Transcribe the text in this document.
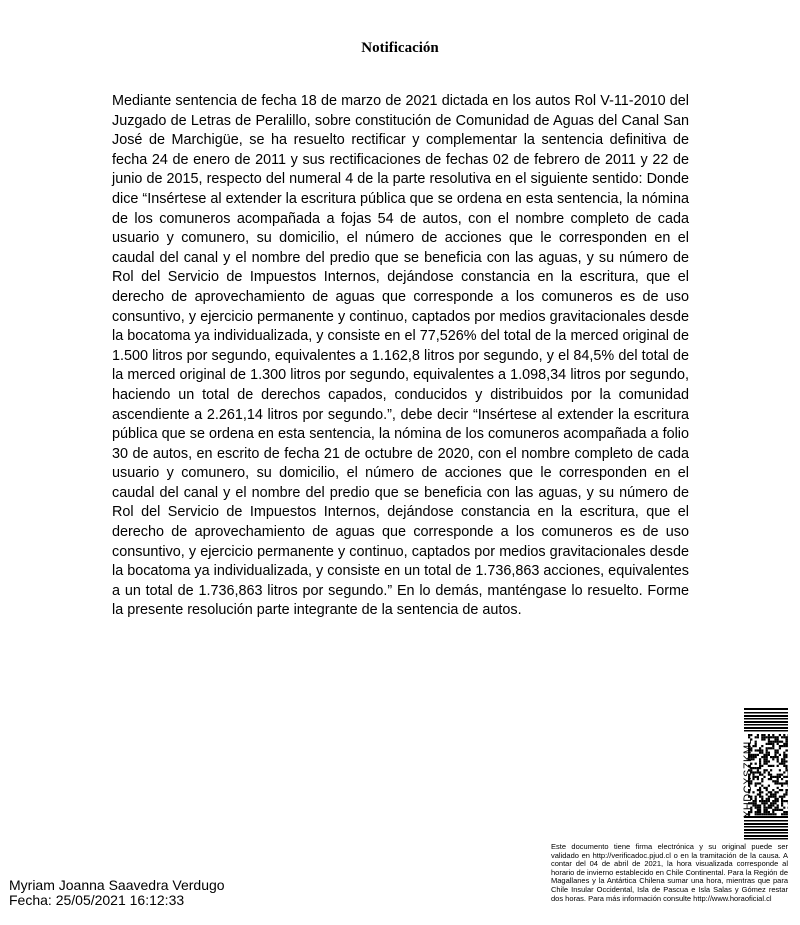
Notificación

Mediante sentencia de fecha 18 de marzo de 2021 dictada en los autos Rol V-11-2010 del Juzgado de Letras de Peralillo, sobre constitución de Comunidad de Aguas del Canal San José de Marchigüe, se ha resuelto rectificar y complementar la sentencia definitiva de fecha 24 de enero de 2011 y sus rectificaciones de fechas 02 de febrero de 2011 y 22 de junio de 2015, respecto del numeral 4 de la parte resolutiva en el siguiente sentido: Donde dice “Insértese al extender la escritura pública que se ordena en esta sentencia, la nómina de los comuneros acompañada a fojas 54 de autos, con el nombre completo de cada usuario y comunero, su domicilio, el número de acciones que le corresponden en el caudal del canal y el nombre del predio que se beneficia con las aguas, y su número de Rol del Servicio de Impuestos Internos, dejándose constancia en la escritura, que el derecho de aprovechamiento de aguas que corresponde a los comuneros es de uso consuntivo, y ejercicio permanente y continuo, captados por medios gravitacionales desde la bocatoma ya individualizada, y consiste en el 77,526% del total de la merced original de 1.500 litros por segundo, equivalentes a 1.162,8 litros por segundo, y el 84,5% del total de la merced original de 1.300 litros por segundo, equivalentes a 1.098,34 litros por segundo, haciendo un total de derechos capados, conducidos y distribuidos por la comunidad ascendiente a 2.261,14 litros por segundo.”, debe decir “Insértese al extender la escritura pública que se ordena en esta sentencia, la nómina de los comuneros acompañada a folio 30 de autos, en escrito de fecha 21 de octubre de 2020, con el nombre completo de cada usuario y comunero, su domicilio, el número de acciones que le corresponden en el caudal del canal y el nombre del predio que se beneficia con las aguas, y su número de Rol del Servicio de Impuestos Internos, dejándose constancia en la escritura, que el derecho de aprovechamiento de aguas que corresponde a los comuneros es de uso consuntivo, y ejercicio permanente y continuo, captados por medios gravitacionales desde la bocatoma ya individualizada, y consiste en un total de 1.736,863 acciones, equivalentes a un total de 1.736,863 litros por segundo.” En lo demás, manténgase lo resuelto. Forme la presente resolución parte integrante de la sentencia de autos.

XHDCXSZKML

Este documento tiene firma electrónica y su original puede ser validado en http://verificadoc.pjud.cl o en la tramitación de la causa. A contar del 04 de abril de 2021, la hora visualizada corresponde al horario de invierno establecido en Chile Continental. Para la Región de Magallanes y la Antártica Chilena sumar una hora, mientras que para Chile Insular Occidental, Isla de Pascua e Isla Salas y Gómez restar dos horas. Para más información consulte http://www.horaoficial.cl

Myriam Joanna Saavedra Verdugo
Fecha: 25/05/2021 16:12:33
